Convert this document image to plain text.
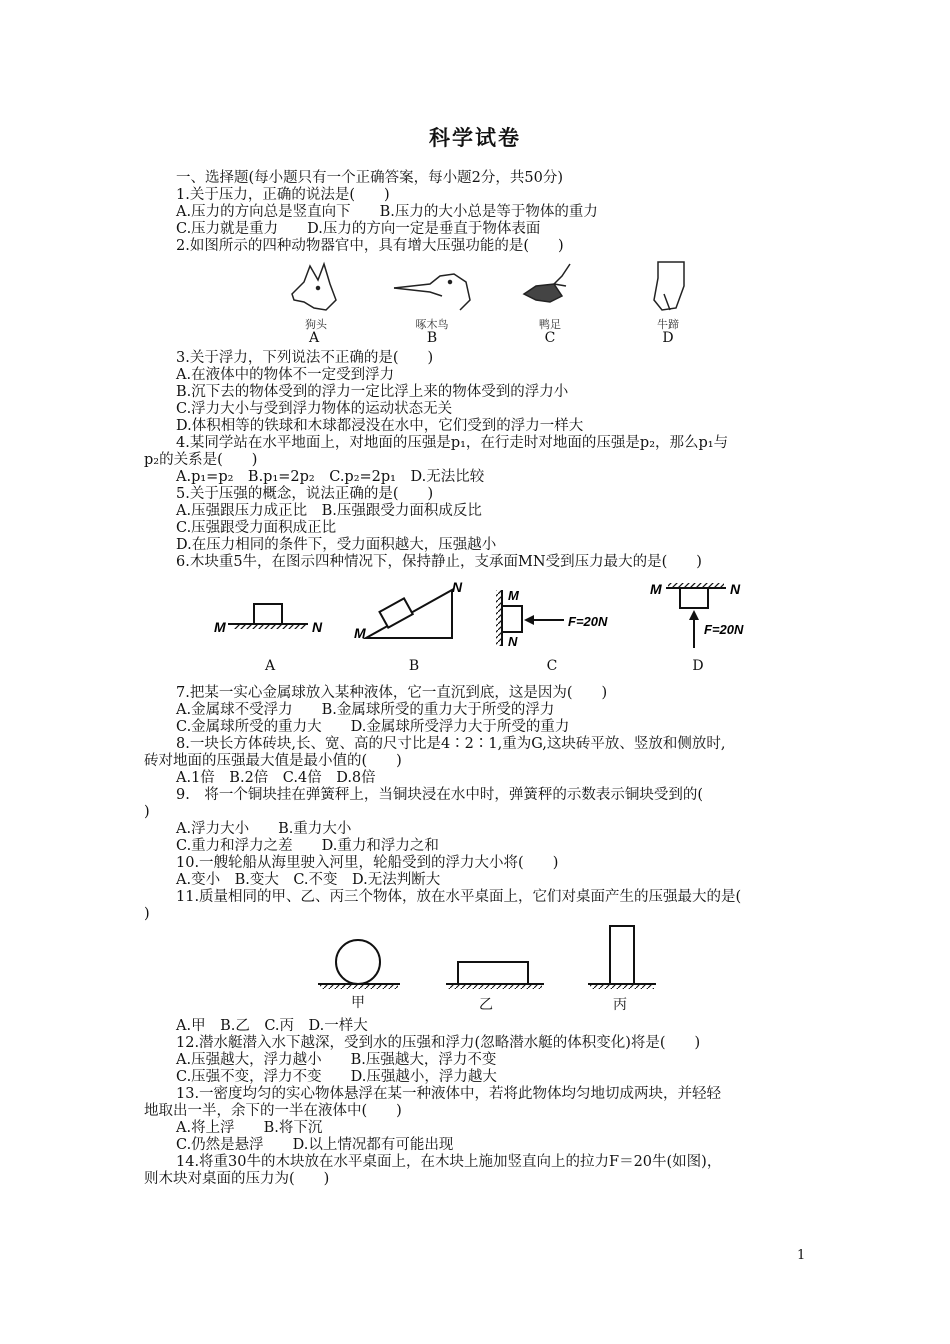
科学试卷
一、选择题(每小题只有一个正确答案，每小题2分，共50分)
1.关于压力，正确的说法是(　　)
A.压力的方向总是竖直向下　　B.压力的大小总是等于物体的重力
C.压力就是重力　　D.压力的方向一定是垂直于物体表面
2.如图所示的四种动物器官中，具有增大压强功能的是(　　)
3.关于浮力，下列说法不正确的是(　　)
A.在液体中的物体不一定受到浮力
B.沉下去的物体受到的浮力一定比浮上来的物体受到的浮力小
C.浮力大小与受到浮力物体的运动状态无关
D.体积相等的铁球和木球都浸没在水中，它们受到的浮力一样大
4.某同学站在水平地面上，对地面的压强是p₁，在行走时对地面的压强是p₂，那么p₁与
p₂的关系是(　　)
A.p₁=p₂　B.p₁=2p₂　C.p₂=2p₁　D.无法比较
5.关于压强的概念，说法正确的是(　　)
A.压强跟压力成正比　B.压强跟受力面积成反比
C.压强跟受力面积成正比
D.在压力相同的条件下，受力面积越大，压强越小
6.木块重5牛，在图示四种情况下，保持静止，支承面MN受到压力最大的是(　　)
7.把某一实心金属球放入某种液体，它一直沉到底，这是因为(　　)
A.金属球不受浮力　　B.金属球所受的重力大于所受的浮力
C.金属球所受的重力大　　D.金属球所受浮力大于所受的重力
8.一块长方体砖块,长、宽、高的尺寸比是4∶2∶1,重为G,这块砖平放、竖放和侧放时,
砖对地面的压强最大值是最小值的(　　)
A.1倍　B.2倍　C.4倍　D.8倍
9.　将一个铜块挂在弹簧秤上，当铜块浸在水中时，弹簧秤的示数表示铜块受到的(
)
A.浮力大小　　B.重力大小
C.重力和浮力之差　　D.重力和浮力之和
10.一艘轮船从海里驶入河里，轮船受到的浮力大小将(　　)
A.变小　B.变大　C.不变　D.无法判断大
11.质量相同的甲、乙、丙三个物体，放在水平桌面上，它们对桌面产生的压强最大的是(
)
A.甲　B.乙　C.丙　D.一样大
12.潜水艇潜入水下越深，受到水的压强和浮力(忽略潜水艇的体积变化)将是(　　)
A.压强越大，浮力越小　　B.压强越大，浮力不变
C.压强不变，浮力不变　　D.压强越小，浮力越大
13.一密度均匀的实心物体悬浮在某一种液体中，若将此物体均匀地切成两块，并轻轻
地取出一半，余下的一半在液体中(　　)
A.将上浮　　B.将下沉
C.仍然是悬浮　　D.以上情况都有可能出现
14.将重30牛的木块放在水平桌面上，在木块上施加竖直向上的拉力F＝20牛(如图)，
则木块对桌面的压力为(　　)
狗头	啄木鸟	鸭足	牛蹄
A	B	C	D
M	N M
N
M
N
F=20N
M	N
F=20N
A	B	C	D
甲	乙	丙
1
